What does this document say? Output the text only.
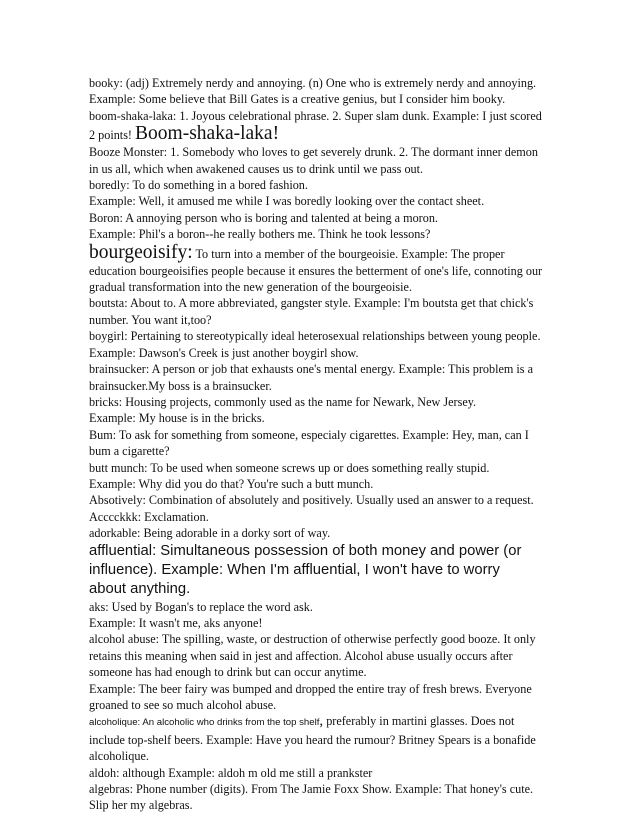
booky: (adj) Extremely nerdy and annoying. (n) One who is extremely nerdy and annoying.
Example: Some believe that Bill Gates is a creative genius, but I consider him booky.
boom-shaka-laka: 1. Joyous celebrational phrase. 2. Super slam dunk. Example: I just scored
2 points! Boom-shaka-laka!
Booze Monster: 1. Somebody who loves to get severely drunk. 2. The dormant inner demon
in us all, which when awakened causes us to drink until we pass out.
boredly: To do something in a bored fashion.
Example: Well, it amused me while I was boredly looking over the contact sheet.
Boron: A annoying person who is boring and talented at being a moron.
Example: Phil's a boron--he really bothers me. Think he took lessons?
bourgeoisify: To turn into a member of the bourgeoisie. Example: The proper
education bourgeoisifies people because it ensures the betterment of one's life, connoting our
gradual transformation into the new generation of the bourgeoisie.
boutsta: About to. A more abbreviated, gangster style. Example: I'm boutsta get that chick's
number. You want it,too?
boygirl: Pertaining to stereotypically ideal heterosexual relationships between young people.
Example: Dawson's Creek is just another boygirl show.
brainsucker: A person or job that exhausts one's mental energy. Example: This problem is a
brainsucker.My boss is a brainsucker.
bricks: Housing projects, commonly used as the name for Newark, New Jersey.
Example: My house is in the bricks.
Bum: To ask for something from someone, especialy cigarettes. Example: Hey, man, can I
bum a cigarette?
butt munch: To be used when someone screws up or does something really stupid.
Example: Why did you do that? You're such a butt munch.
Absotively: Combination of absolutely and positively. Usually used an answer to a request.
Acccckkk: Exclamation.
adorkable: Being adorable in a dorky sort of way.
affluential: Simultaneous possession of both money and power (or
influence). Example: When I'm affluential, I won't have to worry
about anything.
aks: Used by Bogan's to replace the word ask.
Example: It wasn't me, aks anyone!
alcohol abuse: The spilling, waste, or destruction of otherwise perfectly good booze. It only
retains this meaning when said in jest and affection. Alcohol abuse usually occurs after
someone has had enough to drink but can occur anytime.
Example: The beer fairy was bumped and dropped the entire tray of fresh brews. Everyone
groaned to see so much alcohol abuse.
alcoholique: An alcoholic who drinks from the top shelf, preferably in martini glasses. Does not
include top-shelf beers. Example: Have you heard the rumour? Britney Spears is a bonafide
alcoholique.
aldoh: although Example: aldoh m old me still a prankster
algebras: Phone number (digits). From The Jamie Foxx Show. Example: That honey's cute.
Slip her my algebras.
